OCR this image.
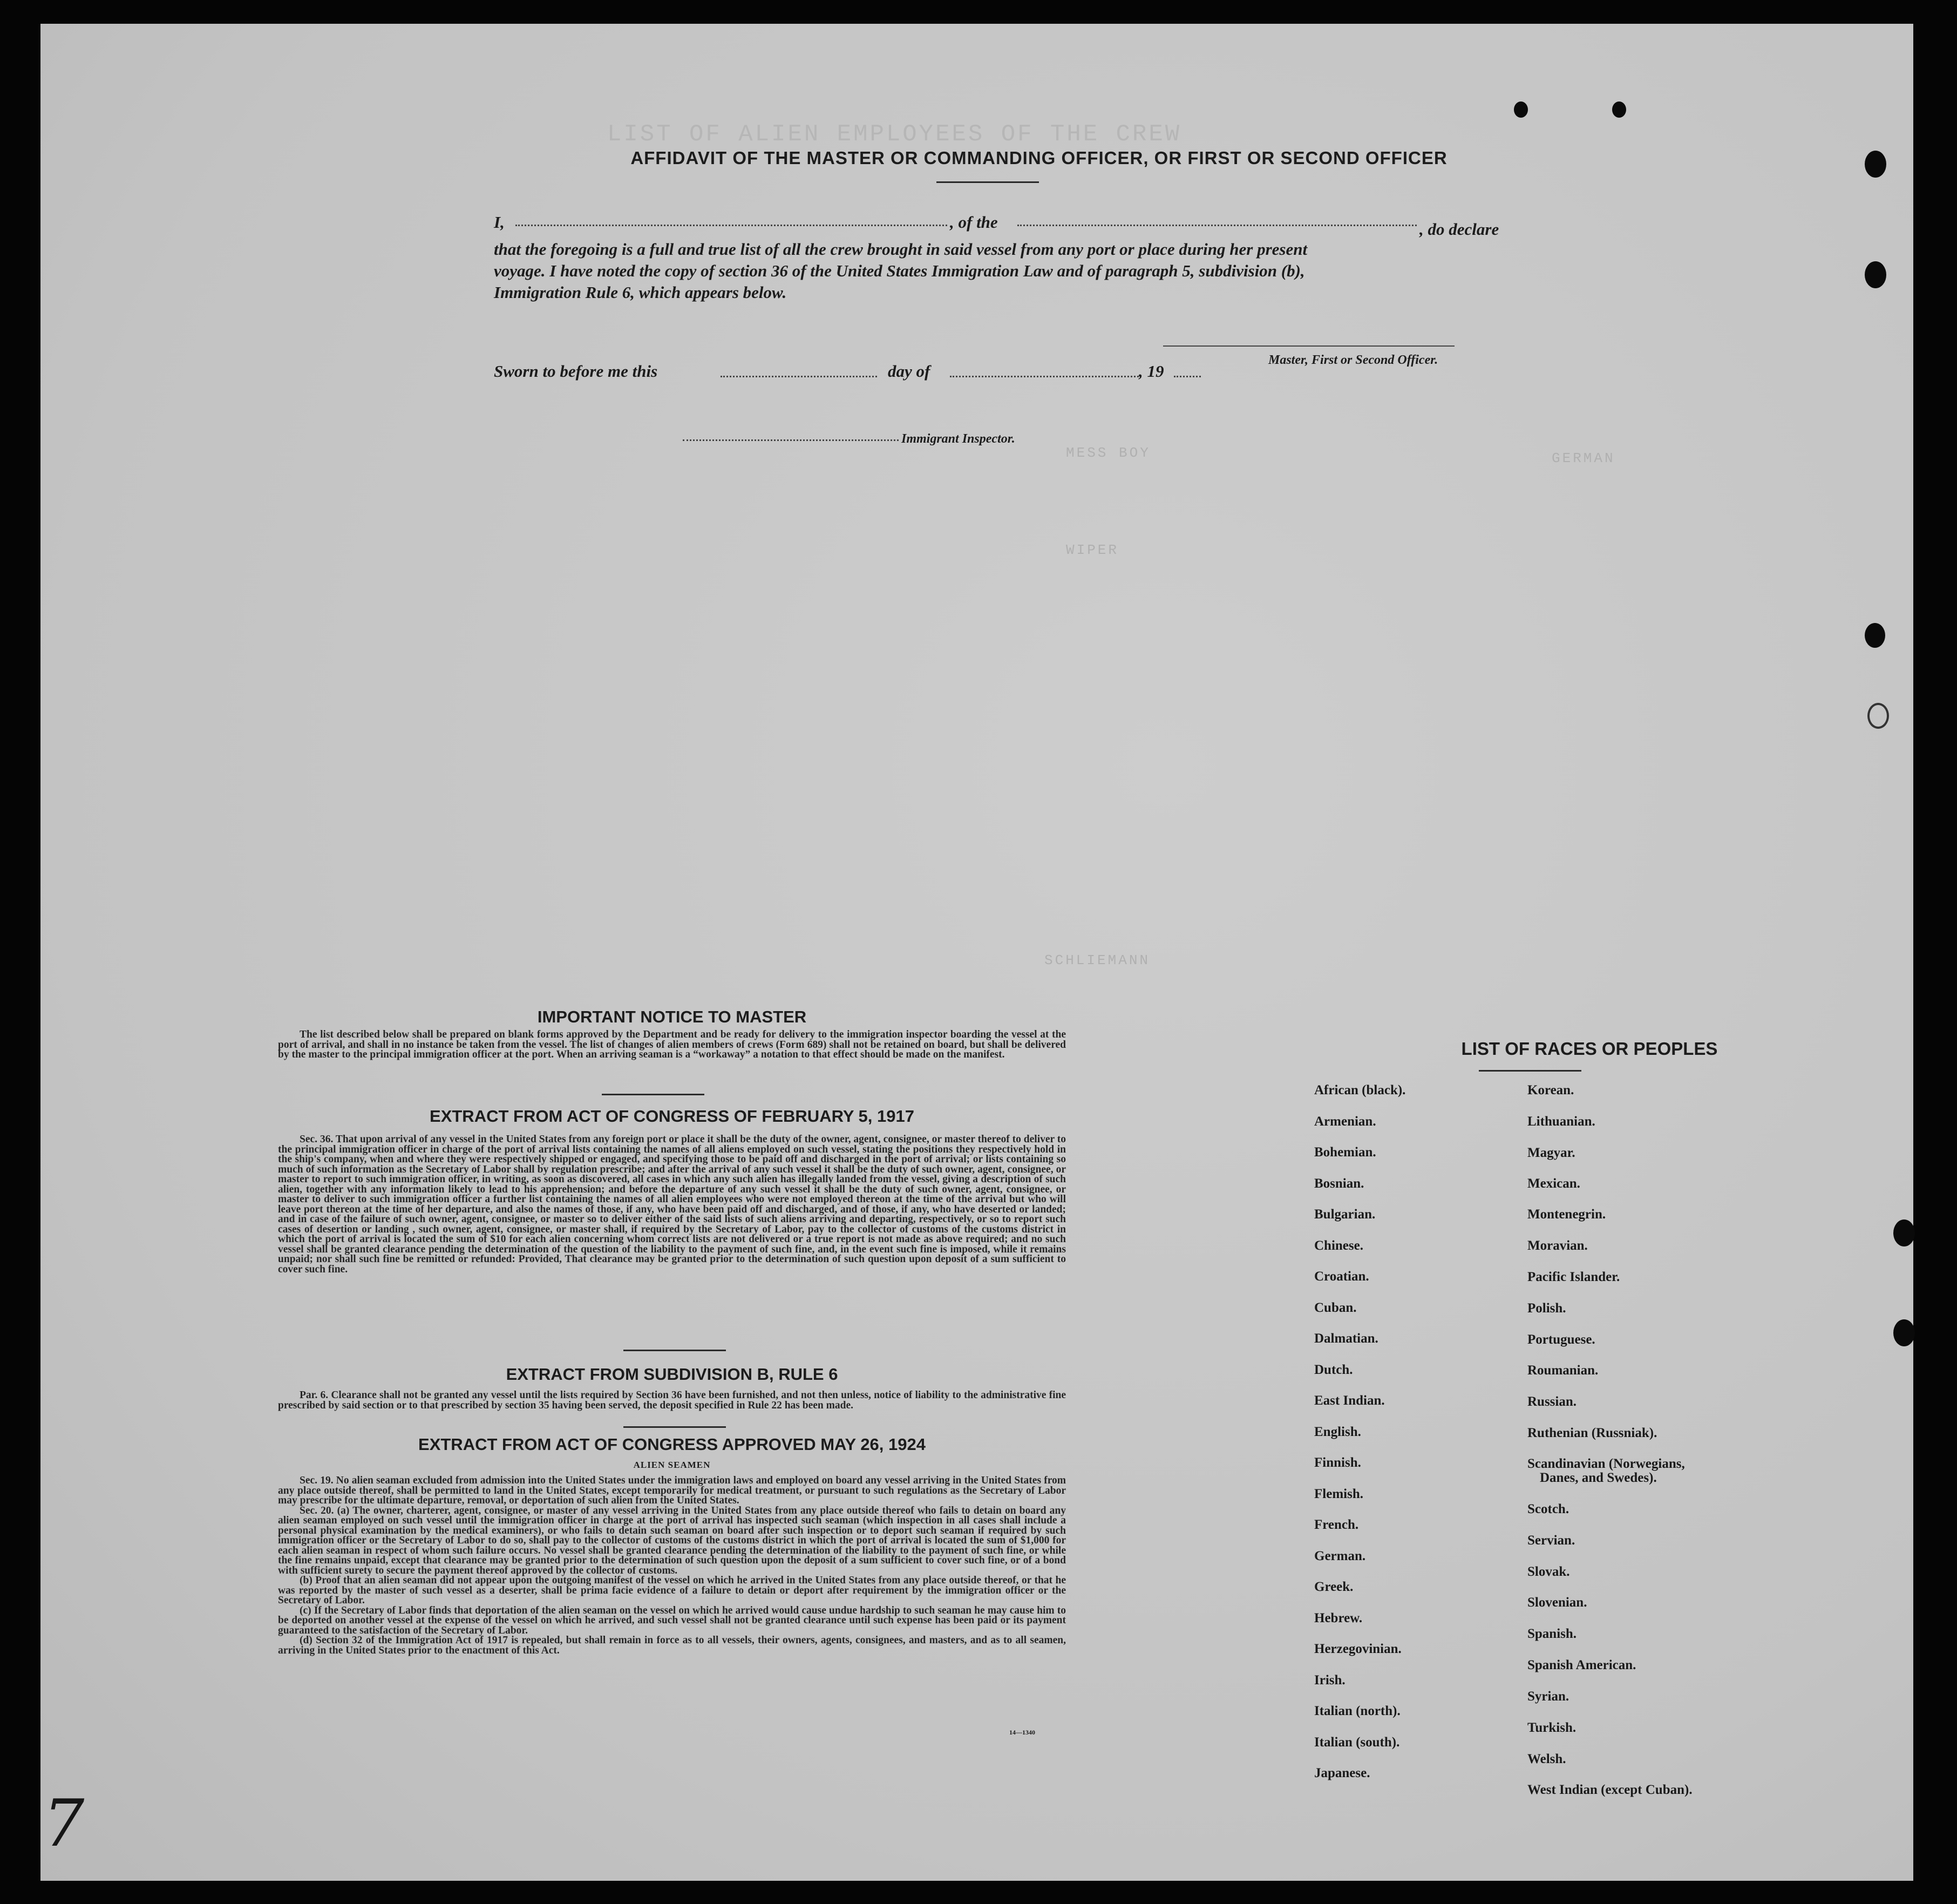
LIST OF ALIEN EMPLOYEES OF THE CREW
MESS BOY
WIPER
GERMAN
SCHLIEMANN
AFFIDAVIT OF THE MASTER OR COMMANDING OFFICER, OR FIRST OR SECOND OFFICER
I,	, of the	, do declare
that the foregoing is a full and true list of all the crew brought in said vessel from any port or place during her present
voyage. I have noted the copy of section 36 of the United States Immigration Law and of paragraph 5, subdivision (b),
Immigration Rule 6, which appears below.
Master, First or Second Officer.
Sworn to before me this	day of	, 19
Immigrant Inspector.
IMPORTANT NOTICE TO MASTER

The list described below shall be prepared on blank forms approved by the Department and be ready for delivery to the immigration inspector boarding the vessel at the port of arrival, and shall in no instance be taken from the vessel. The list of changes of alien members of crews (Form 689) shall not be retained on board, but shall be delivered by the master to the principal immigration officer at the port. When an arriving seaman is a “workaway” a notation to that effect should be made on the manifest.

EXTRACT FROM ACT OF CONGRESS OF FEBRUARY 5, 1917

Sec. 36. That upon arrival of any vessel in the United States from any foreign port or place it shall be the duty of the owner, agent, consignee, or master thereof to deliver to the principal immigration officer in charge of the port of arrival lists containing the names of all aliens employed on such vessel, stating the positions they respectively hold in the ship's company, when and where they were respectively shipped or engaged, and specifying those to be paid off and discharged in the port of arrival; or lists containing so much of such information as the Secretary of Labor shall by regulation prescribe; and after the arrival of any such vessel it shall be the duty of such owner, agent, consignee, or master to report to such immigration officer, in writing, as soon as discovered, all cases in which any such alien has illegally landed from the vessel, giving a description of such alien, together with any information likely to lead to his apprehension; and before the departure of any such vessel it shall be the duty of such owner, agent, consignee, or master to deliver to such immigration officer a further list containing the names of all alien employees who were not employed thereon at the time of the arrival but who will leave port thereon at the time of her departure, and also the names of those, if any, who have been paid off and discharged, and of those, if any, who have deserted or landed; and in case of the failure of such owner, agent, consignee, or master so to deliver either of the said lists of such aliens arriving and departing, respectively, or so to report such cases of desertion or landing , such owner, agent, consignee, or master shall, if required by the Secretary of Labor, pay to the collector of customs of the customs district in which the port of arrival is located the sum of $10 for each alien concerning whom correct lists are not delivered or a true report is not made as above required; and no such vessel shall be granted clearance pending the determination of the question of the liability to the payment of such fine, and, in the event such fine is imposed, while it remains unpaid; nor shall such fine be remitted or refunded: Provided, That clearance may be granted prior to the determination of such question upon deposit of a sum sufficient to cover such fine.

EXTRACT FROM SUBDIVISION B, RULE 6

Par. 6. Clearance shall not be granted any vessel until the lists required by Section 36 have been furnished, and not then unless, notice of liability to the administrative fine prescribed by said section or to that prescribed by section 35 having been served, the deposit specified in Rule 22 has been made.

EXTRACT FROM ACT OF CONGRESS APPROVED MAY 26, 1924
ALIEN SEAMEN

Sec. 19. No alien seaman excluded from admission into the United States under the immigration laws and employed on board any vessel arriving in the United States from any place outside thereof, shall be permitted to land in the United States, except temporarily for medical treatment, or pursuant to such regulations as the Secretary of Labor may prescribe for the ultimate departure, removal, or deportation of such alien from the United States.

Sec. 20. (a) The owner, charterer, agent, consignee, or master of any vessel arriving in the United States from any place outside thereof who fails to detain on board any alien seaman employed on such vessel until the immigration officer in charge at the port of arrival has inspected such seaman (which inspection in all cases shall include a personal physical examination by the medical examiners), or who fails to detain such seaman on board after such inspection or to deport such seaman if required by such immigration officer or the Secretary of Labor to do so, shall pay to the collector of customs of the customs district in which the port of arrival is located the sum of $1,000 for each alien seaman in respect of whom such failure occurs. No vessel shall be granted clearance pending the determination of the liability to the payment of such fine, or while the fine remains unpaid, except that clearance may be granted prior to the determination of such question upon the deposit of a sum sufficient to cover such fine, or of a bond with sufficient surety to secure the payment thereof approved by the collector of customs.

(b) Proof that an alien seaman did not appear upon the outgoing manifest of the vessel on which he arrived in the United States from any place outside thereof, or that he was reported by the master of such vessel as a deserter, shall be prima facie evidence of a failure to detain or deport after requirement by the immigration officer or the Secretary of Labor.

(c) If the Secretary of Labor finds that deportation of the alien seaman on the vessel on which he arrived would cause undue hardship to such seaman he may cause him to be deported on another vessel at the expense of the vessel on which he arrived, and such vessel shall not be granted clearance until such expense has been paid or its payment guaranteed to the satisfaction of the Secretary of Labor.

(d) Section 32 of the Immigration Act of 1917 is repealed, but shall remain in force as to all vessels, their owners, agents, consignees, and masters, and as to all seamen, arriving in the United States prior to the enactment of this Act.

14—1340
LIST OF RACES OR PEOPLES
African (black).
Armenian.
Bohemian.
Bosnian.
Bulgarian.
Chinese.
Croatian.
Cuban.
Dalmatian.
Dutch.
East Indian.
English.
Finnish.
Flemish.
French.
German.
Greek.
Hebrew.
Herzegovinian.
Irish.
Italian (north).
Italian (south).
Japanese.
Korean.
Lithuanian.
Magyar.
Mexican.
Montenegrin.
Moravian.
Pacific Islander.
Polish.
Portuguese.
Roumanian.
Russian.
Ruthenian (Russniak).
Scandinavian (Norwegians,
Danes, and Swedes).
Scotch.
Servian.
Slovak.
Slovenian.
Spanish.
Spanish American.
Syrian.
Turkish.
Welsh.
West Indian (except Cuban).
7
